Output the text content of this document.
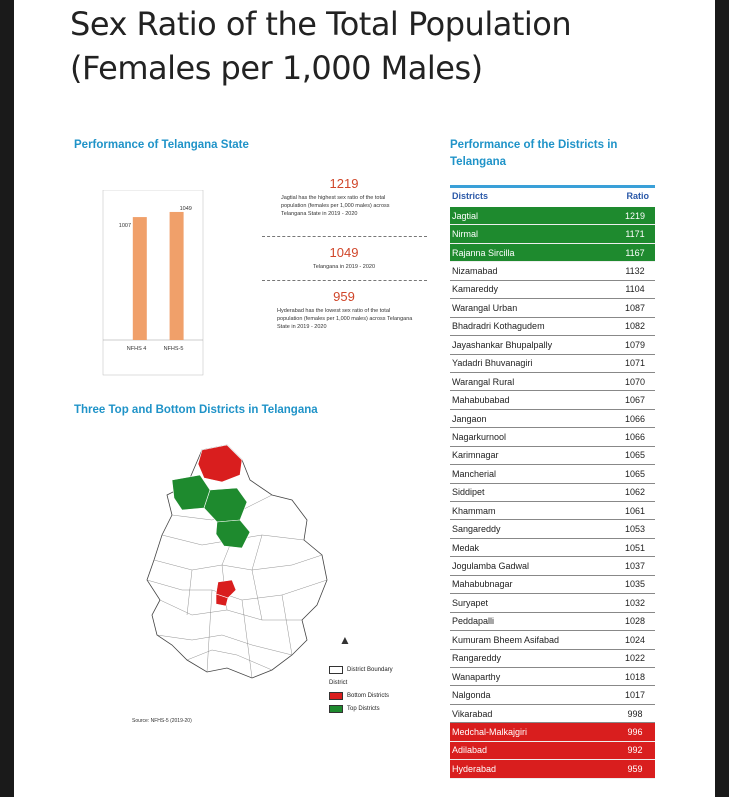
Sex Ratio of the Total Population
(Females per 1,000 Males)
Performance of Telangana State
1007
NFHS 4
1049
NFHS-5
1219
Jagtial has the highest sex ratio of the total population (females per 1,000 males) across Telangana State in 2019 - 2020
1049
Telangana in 2019 - 2020
959
Hyderabad has the lowest sex ratio of the total population (females per 1,000 males) across Telangana State in 2019 - 2020
Three Top and Bottom Districts in Telangana
▲
District Boundary
District
Bottom Districts
Top Districts
Source: NFHS-5 (2019-20)
Performance of the Districts in
Telangana
Districts	Ratio
Jagtial	1219
Nirmal	1171
Rajanna Sircilla	1167
Nizamabad	1132
Kamareddy	1104
Warangal Urban	1087
Bhadradri Kothagudem	1082
Jayashankar Bhupalpally	1079
Yadadri Bhuvanagiri	1071
Warangal Rural	1070
Mahabubabad	1067
Jangaon	1066
Nagarkurnool	1066
Karimnagar	1065
Mancherial	1065
Siddipet	1062
Khammam	1061
Sangareddy	1053
Medak	1051
Jogulamba Gadwal	1037
Mahabubnagar	1035
Suryapet	1032
Peddapalli	1028
Kumuram Bheem Asifabad	1024
Rangareddy	1022
Wanaparthy	1018
Nalgonda	1017
Vikarabad	998
Medchal-Malkajgiri	996
Adilabad	992
Hyderabad	959
